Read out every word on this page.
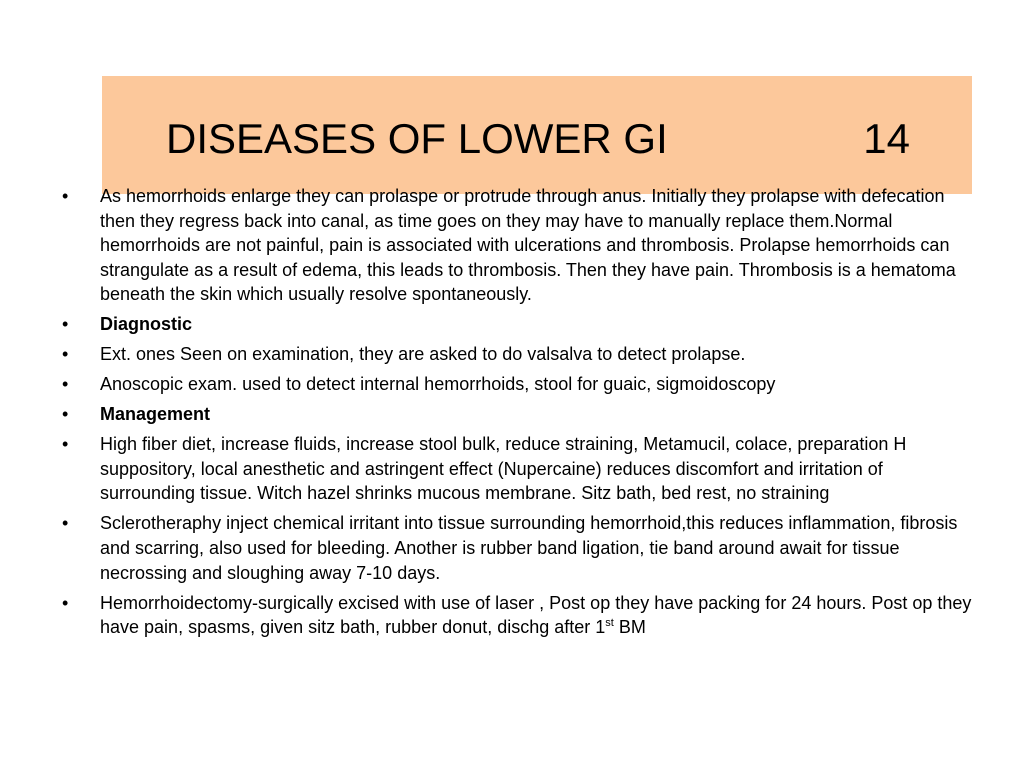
DISEASES OF LOWER GI	14
• As hemorrhoids enlarge they can prolaspe or protrude through anus. Initially they prolapse with defecation then they regress back into canal, as time goes on they may have to manually replace them.Normal hemorrhoids are not painful, pain is associated with ulcerations and thrombosis. Prolapse hemorrhoids can strangulate as a result of edema, this leads to thrombosis. Then they have pain. Thrombosis is a hematoma beneath the skin which usually resolve spontaneously.
• Diagnostic
• Ext. ones Seen on examination, they are asked to do valsalva to detect prolapse.
• Anoscopic exam. used to detect internal hemorrhoids, stool for guaic, sigmoidoscopy
• Management
• High fiber diet, increase fluids, increase stool bulk, reduce straining, Metamucil, colace, preparation H suppository, local anesthetic and astringent effect (Nupercaine) reduces discomfort and irritation of surrounding tissue. Witch hazel shrinks mucous membrane. Sitz bath, bed rest, no straining
• Sclerotheraphy inject chemical irritant into tissue surrounding hemorrhoid,this reduces inflammation, fibrosis and scarring, also used for bleeding. Another is rubber band ligation, tie band around await for tissue necrossing and sloughing away 7-10 days.
• Hemorrhoidectomy-surgically excised with use of laser , Post op they have packing for 24 hours. Post op they have pain, spasms, given sitz bath, rubber donut, dischg after 1st BM
